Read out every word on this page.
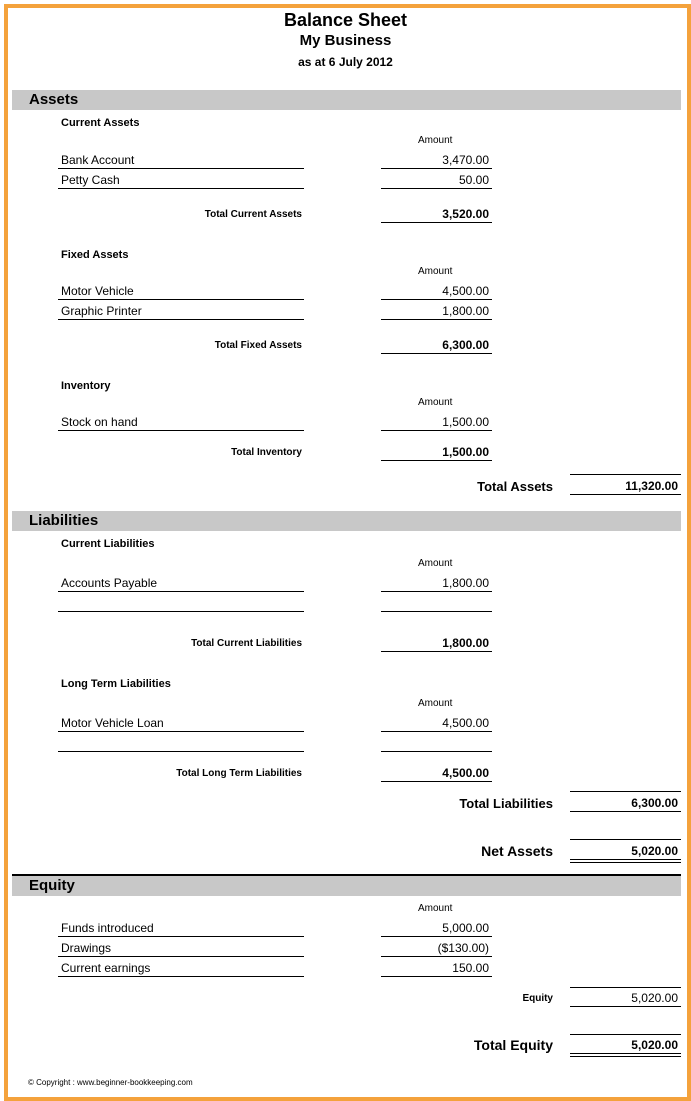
Balance Sheet
My Business
as at 6 July 2012
Assets
Current Assets
Amount
Bank Account	3,470.00
Petty Cash	50.00
Total Current Assets	3,520.00
Fixed Assets
Amount
Motor Vehicle	4,500.00
Graphic Printer	1,800.00
Total Fixed Assets	6,300.00
Inventory
Amount
Stock on hand	1,500.00
Total Inventory	1,500.00
Total Assets	11,320.00
Liabilities
Current Liabilities
Amount
Accounts Payable	1,800.00
Total Current Liabilities	1,800.00
Long Term Liabilities
Amount
Motor Vehicle Loan	4,500.00
Total Long Term Liabilities	4,500.00
Total Liabilities	6,300.00
Net Assets	5,020.00
Equity
Amount
Funds introduced	5,000.00
Drawings	($130.00)
Current earnings	150.00
Equity	5,020.00
Total Equity	5,020.00
© Copyright : www.beginner-bookkeeping.com
